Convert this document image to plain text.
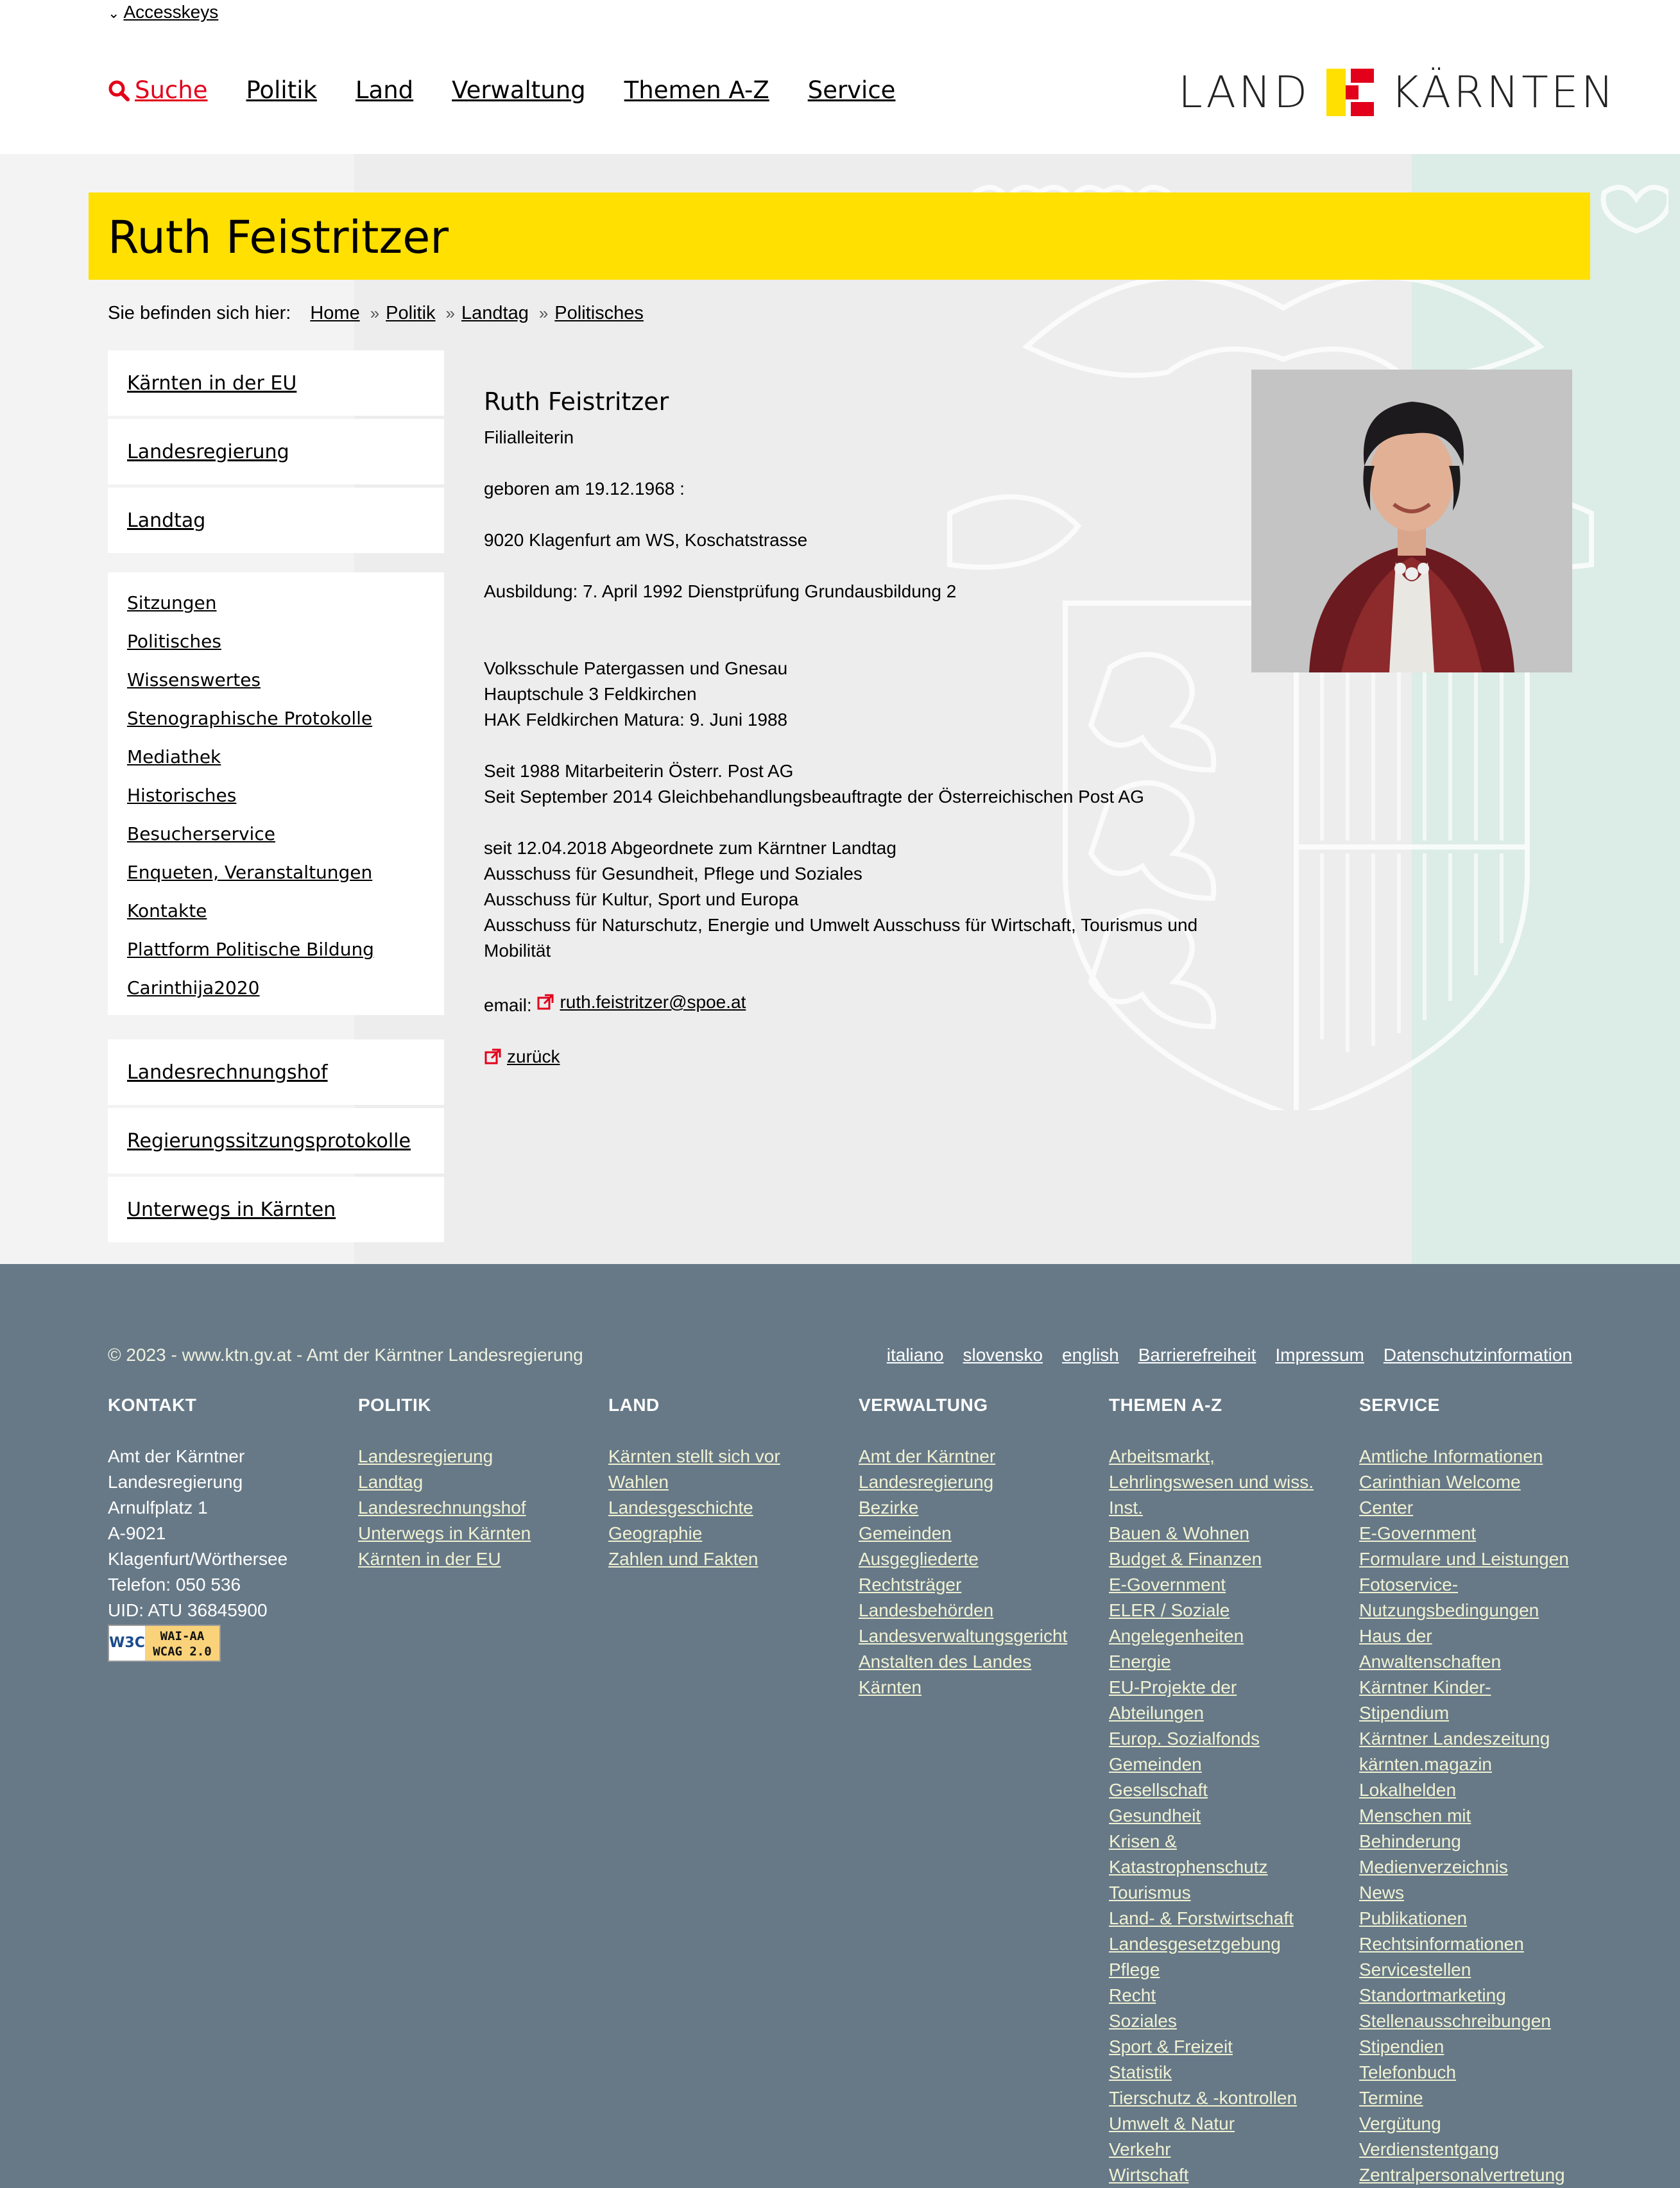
⌄ Accesskeys
Suche Politik Land Verwaltung Themen A-Z Service	LAND KÄRNTEN
Ruth Feistritzer
Sie befinden sich hier: Home » Politik » Landtag » Politisches
Kärnten in der EU
Landesregierung
Landtag
Sitzungen
Politisches
Wissenswertes
Stenographische Protokolle
Mediathek
Historisches
Besucherservice
Enqueten, Veranstaltungen
Kontakte
Plattform Politische Bildung
Carinthija2020
Landesrechnungshof
Regierungssitzungsprotokolle
Unterwegs in Kärnten
Ruth Feistritzer

Filialleiterin

geboren am 19.12.1968 :

9020 Klagenfurt am WS, Koschatstrasse

Ausbildung: 7. April 1992 Dienstprüfung Grundausbildung 2

Volksschule Patergassen und Gnesau
Hauptschule 3 Feldkirchen
HAK Feldkirchen Matura: 9. Juni 1988

Seit 1988 Mitarbeiterin Österr. Post AG
Seit September 2014 Gleichbehandlungsbeauftragte der Österreichischen Post AG

seit 12.04.2018 Abgeordnete zum Kärntner Landtag
Ausschuss für Gesundheit, Pflege und Soziales
Ausschuss für Kultur, Sport und Europa
Ausschuss für Naturschutz, Energie und Umwelt Ausschuss für Wirtschaft, Tourismus und
Mobilität

email: ruth.feistritzer@spoe.at

zurück

© 2023 - www.ktn.gv.at - Amt der Kärntner Landesregierung	italiano slovensko english Barrierefreiheit Impressum Datenschutzinformation
KONTAKT
Amt der Kärntner
Landesregierung
Arnulfplatz 1
A-9021
Klagenfurt/Wörthersee
Telefon: 050 536
UID: ATU 36845900
W3C	WAI-AA
WCAG 2.0
POLITIK
Landesregierung
Landtag
Landesrechnungshof
Unterwegs in Kärnten
Kärnten in der EU
LAND
Kärnten stellt sich vor
Wahlen
Landesgeschichte
Geographie
Zahlen und Fakten
VERWALTUNG
Amt der Kärntner
Landesregierung
Bezirke
Gemeinden
Ausgegliederte
Rechtsträger
Landesbehörden
Landesverwaltungsgericht
Anstalten des Landes
Kärnten
THEMEN A-Z
Arbeitsmarkt,
Lehrlingswesen und wiss.
Inst.
Bauen & Wohnen
Budget & Finanzen
E-Government
ELER / Soziale
Angelegenheiten
Energie
EU-Projekte der
Abteilungen
Europ. Sozialfonds
Gemeinden
Gesellschaft
Gesundheit
Krisen &
Katastrophenschutz
Tourismus
Land- & Forstwirtschaft
Landesgesetzgebung
Pflege
Recht
Soziales
Sport & Freizeit
Statistik
Tierschutz & -kontrollen
Umwelt & Natur
Verkehr
Wirtschaft
SERVICE
Amtliche Informationen
Carinthian Welcome
Center
E-Government
Formulare und Leistungen
Fotoservice-
Nutzungsbedingungen
Haus der
Anwaltenschaften
Kärntner Kinder-
Stipendium
Kärntner Landeszeitung
kärnten.magazin
Lokalhelden
Menschen mit
Behinderung
Medienverzeichnis
News
Publikationen
Rechtsinformationen
Servicestellen
Standortmarketing
Stellenausschreibungen
Stipendien
Telefonbuch
Termine
Vergütung
Verdienstentgang
Zentralpersonalvertretung
